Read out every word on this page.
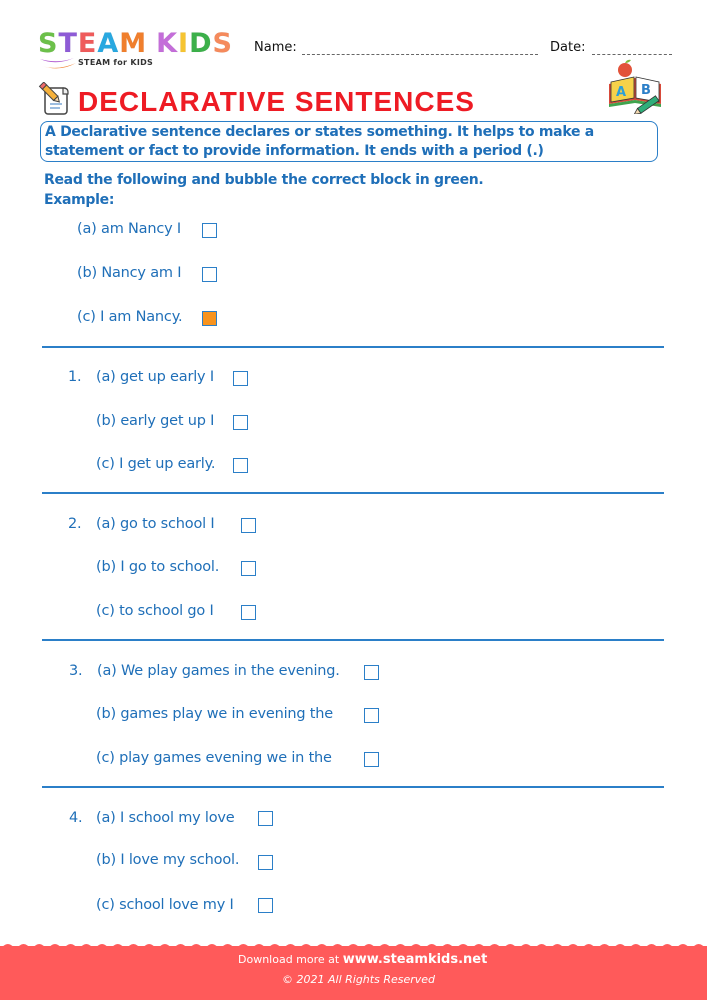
S T E A M K I D S
STEAM for KIDS
Name:	Date:
DECLARATIVE SENTENCES	A B
A Declarative sentence declares or states something. It helps to make a statement or fact to provide information. It ends with a period (.)
Read the following and bubble the correct block in green.
Example:
(a) am Nancy I
(b) Nancy am I
(c) I am Nancy.
1. (a) get up early I
(b) early get up I
(c) I get up early.
2. (a) go to school I
(b) I go to school.
(c) to school go I
3. (a) We play games in the evening.
(b) games play we in evening the
(c) play games evening we in the
4. (a) I school my love
(b) I love my school.
(c) school love my I
Download more at www.steamkids.net
© 2021 All Rights Reserved
